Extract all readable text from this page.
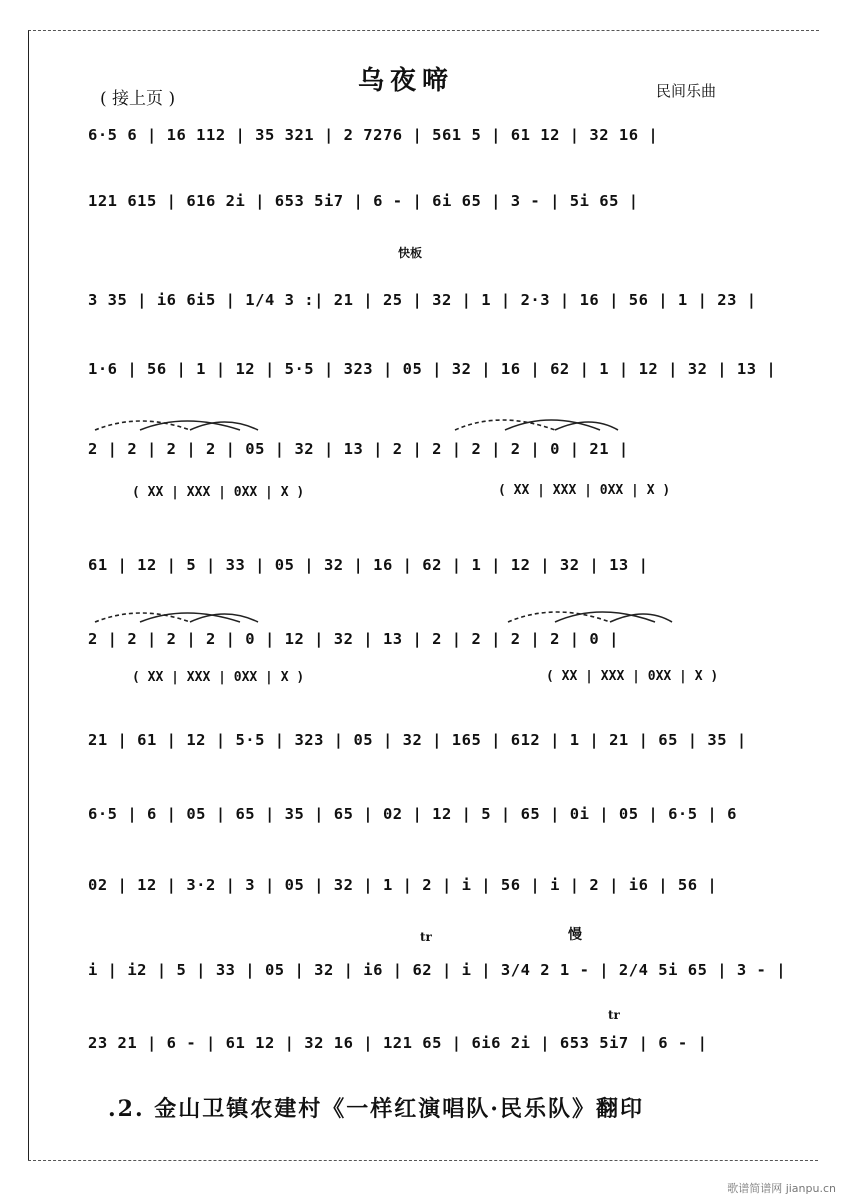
乌夜啼
( 接上页 )	民间乐曲
6·5 6 | 16 112 | 35 321 | 2 7276 | 561 5 | 61 12 | 32 16 |
121 615 | 616 2i | 653 5i7 | 6 - | 6i 65 | 3 - | 5i 65 |
快板
3 35 | i6 6i5 | 1/4 3 :| 21 | 25 | 32 | 1 | 2·3 | 16 | 56 | 1 | 23 |
1·6 | 56 | 1 | 12 | 5·5 | 323 | 05 | 32 | 16 | 62 | 1 | 12 | 32 | 13 |
2 | 2 | 2 | 2 | 05 | 32 | 13 | 2 | 2 | 2 | 2 | 0 | 21 |
( XX | XXX | 0XX | X )	( XX | XXX | 0XX | X )
61 | 12 | 5 | 33 | 05 | 32 | 16 | 62 | 1 | 12 | 32 | 13 |
2 | 2 | 2 | 2 | 0 | 12 | 32 | 13 | 2 | 2 | 2 | 2 | 0 |
( XX | XXX | 0XX | X )	( XX | XXX | 0XX | X )
21 | 61 | 12 | 5·5 | 323 | 05 | 32 | 165 | 612 | 1 | 21 | 65 | 35 |
6·5 | 6 | 05 | 65 | 35 | 65 | 02 | 12 | 5 | 65 | 0i | 05 | 6·5 | 6
02 | 12 | 3·2 | 3 | 05 | 32 | 1 | 2 | i | 56 | i | 2 | i6 | 56 |
tr	慢
i | i2 | 5 | 33 | 05 | 32 | i6 | 62 | i | 3/4 2 1 - | 2/4 5i 65 | 3 - |
tr
23 21 | 6 - | 61 12 | 32 16 | 121 65 | 6i6 2i | 653 5i7 | 6 - |
.2. 金山卫镇农建村《一样红演唱队·民乐队》翻印
歌谱简谱网 jianpu.cn
